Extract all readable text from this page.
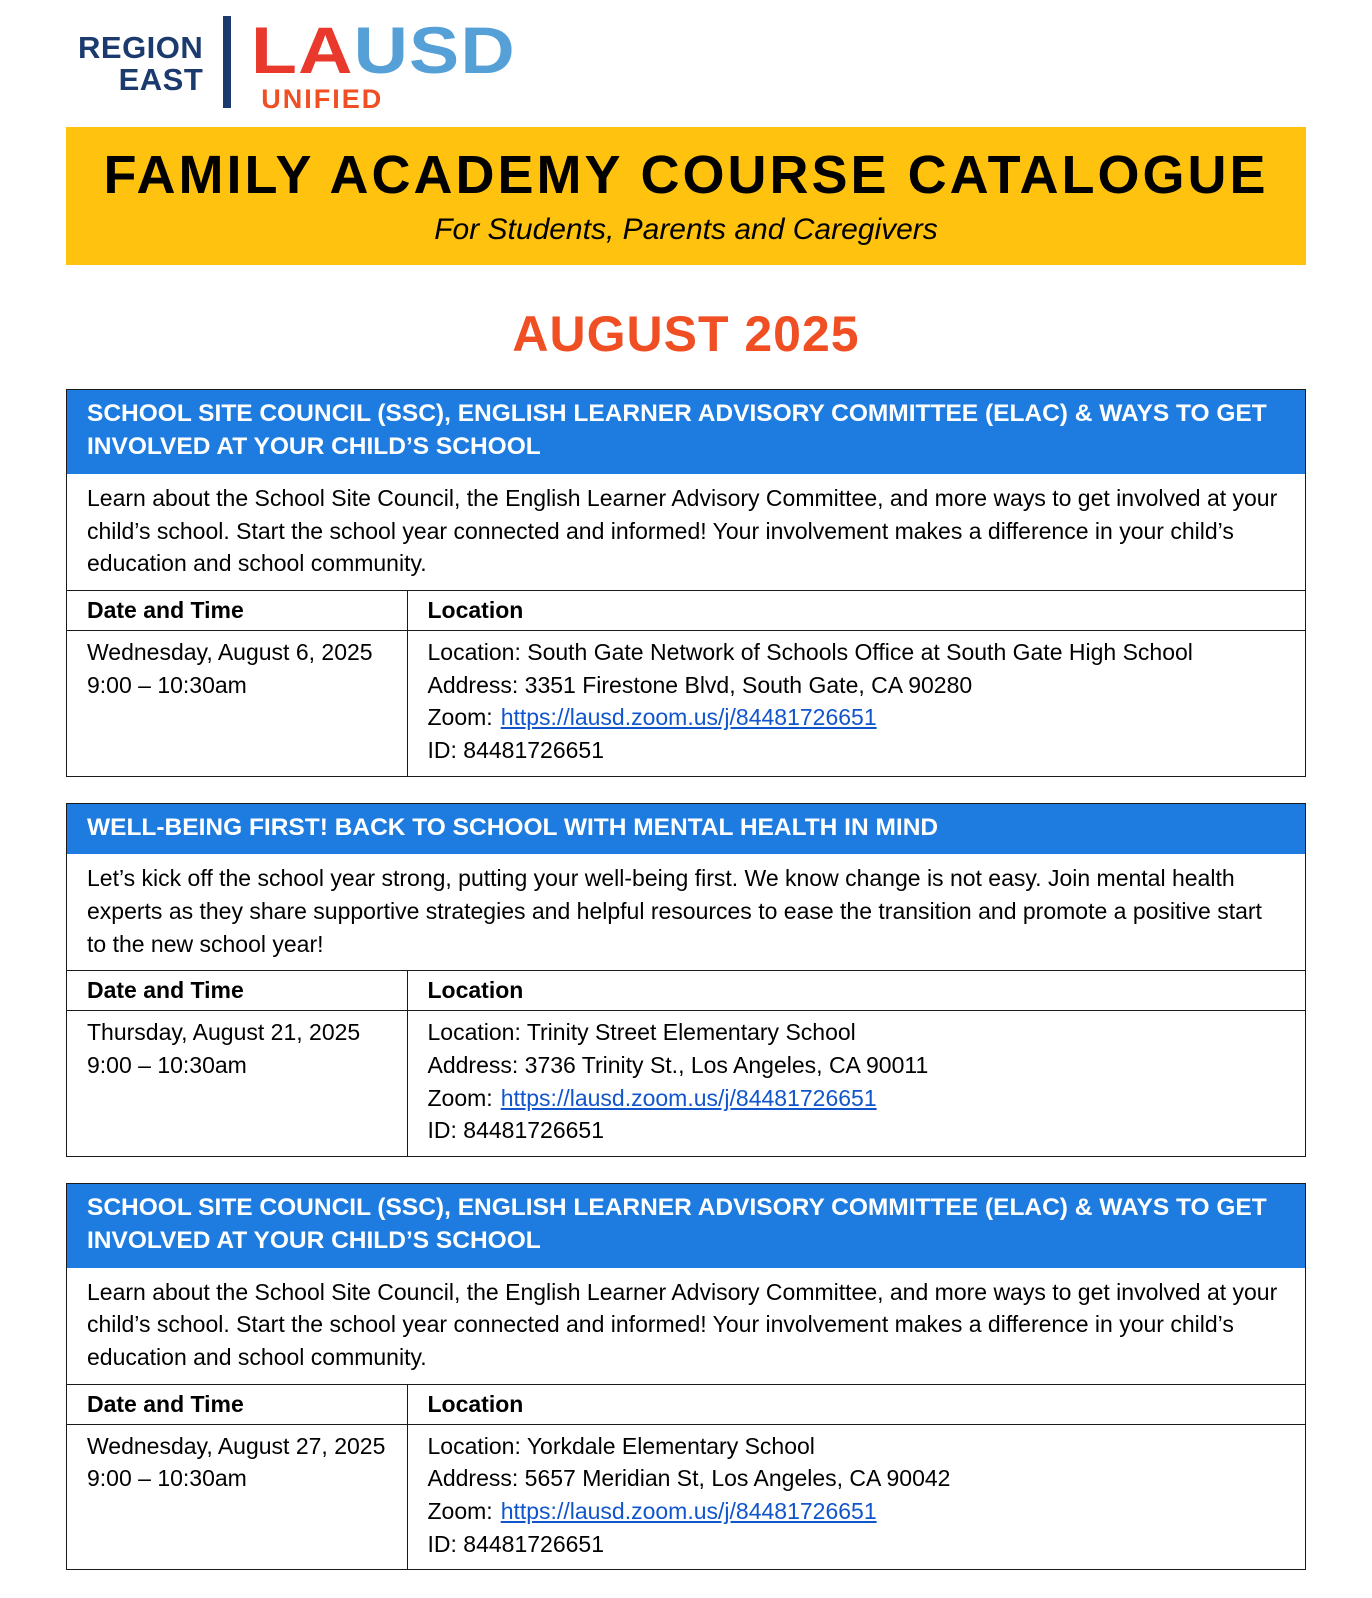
REGION
EAST LAUSD
UNIFIED
FAMILY ACADEMY COURSE CATALOGUE
For Students, Parents and Caregivers
AUGUST 2025
SCHOOL SITE COUNCIL (SSC), ENGLISH LEARNER ADVISORY COMMITTEE (ELAC) & WAYS TO GET INVOLVED AT YOUR CHILD’S SCHOOL
Learn about the School Site Council, the English Learner Advisory Committee, and more ways to get involved at your child’s school. Start the school year connected and informed! Your involvement makes a difference in your child’s education and school community.
Date and Time	Location

Wednesday, August 6, 2025
9:00 – 10:30am

Location: South Gate Network of Schools Office at South Gate High School
Address: 3351 Firestone Blvd, South Gate, CA 90280
Zoom: https://lausd.zoom.us/j/84481726651
ID: 84481726651
WELL-BEING FIRST! BACK TO SCHOOL WITH MENTAL HEALTH IN MIND
Let’s kick off the school year strong, putting your well-being first. We know change is not easy. Join mental health experts as they share supportive strategies and helpful resources to ease the transition and promote a positive start to the new school year!
Date and Time	Location

Thursday, August 21, 2025
9:00 – 10:30am

Location: Trinity Street Elementary School
Address: 3736 Trinity St., Los Angeles, CA 90011
Zoom: https://lausd.zoom.us/j/84481726651
ID: 84481726651
SCHOOL SITE COUNCIL (SSC), ENGLISH LEARNER ADVISORY COMMITTEE (ELAC) & WAYS TO GET INVOLVED AT YOUR CHILD’S SCHOOL
Learn about the School Site Council, the English Learner Advisory Committee, and more ways to get involved at your child’s school. Start the school year connected and informed! Your involvement makes a difference in your child’s education and school community.
Date and Time	Location

Wednesday, August 27, 2025
9:00 – 10:30am

Location: Yorkdale Elementary School
Address: 5657 Meridian St, Los Angeles, CA 90042
Zoom: https://lausd.zoom.us/j/84481726651
ID: 84481726651
